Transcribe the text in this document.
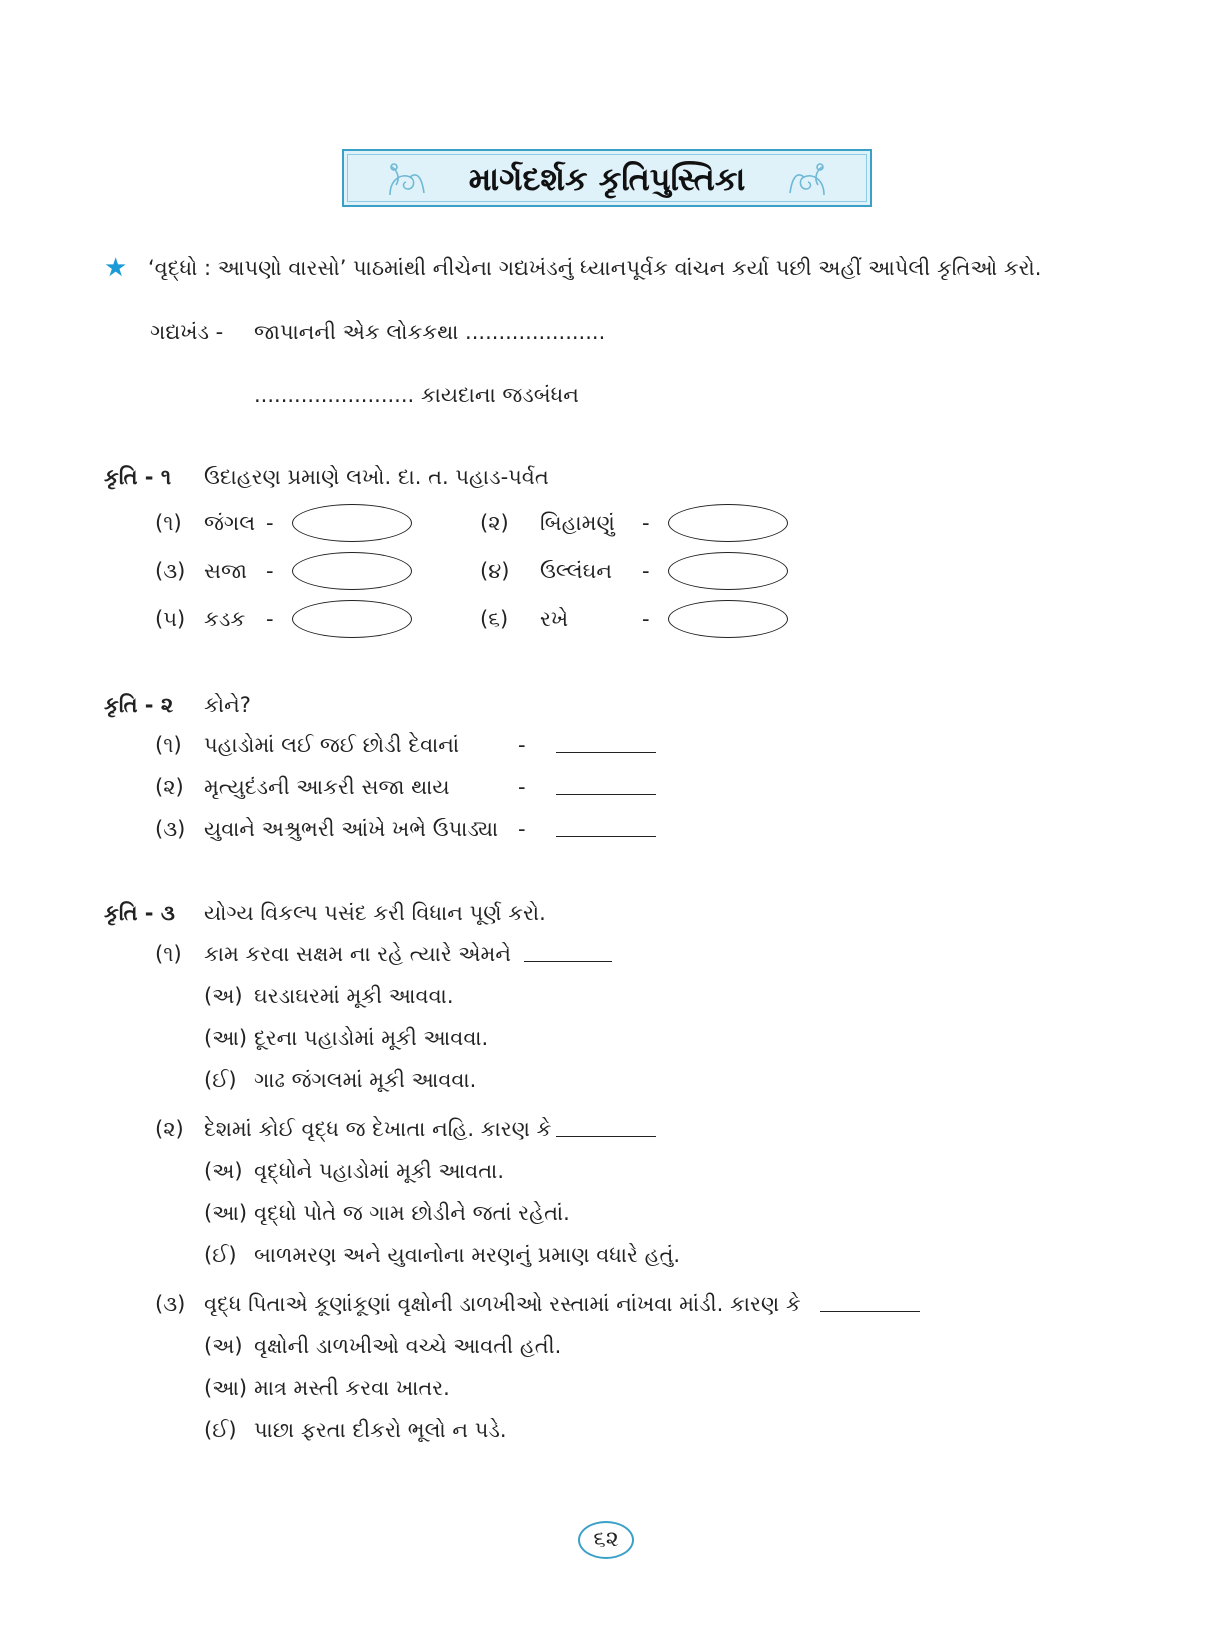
માર્ગદર્શક કૃતિપુસ્તિકા
★ ‘વૃદ્ધો : આપણો વારસો’ પાઠમાંથી નીચેના ગદ્યખંડનું ધ્યાનપૂર્વક વાંચન કર્યા પછી અહીં આપેલી કૃતિઓ કરો.
ગદ્યખંડ - જાપાનની એક લોકકથા .....................
........................ કાયદાના જડબંધન
કૃતિ - ૧ ઉદાહરણ પ્રમાણે લખો. દા. ત. પહાડ-પર્વત
(૧) જંગલ -	(૨) બિહામણું -
(૩) સજા -	(૪) ઉલ્લંઘન -
(૫) કડક -	(૬) રખે	-
કૃતિ - ૨ કોને?
(૧) પહાડોમાં લઈ જઈ છોડી દેવાનાં	-
(૨) મૃત્યુદંડની આકરી સજા થાય	-
(૩) યુવાને અશ્રુભરી આંખે ખભે ઉપાડ્યા -
કૃતિ - ૩ યોગ્ય વિકલ્પ પસંદ કરી વિધાન પૂર્ણ કરો.
(૧) કામ કરવા સક્ષમ ના રહે ત્યારે એમને
(અ) ઘરડાઘરમાં મૂકી આવવા.
(આ) દૂરના પહાડોમાં મૂકી આવવા.
(ઈ) ગાઢ જંગલમાં મૂકી આવવા.
(૨) દેશમાં કોઈ વૃદ્ધ જ દેખાતા નહિ. કારણ કે
(અ) વૃદ્ધોને પહાડોમાં મૂકી આવતા.
(આ) વૃદ્ધો પોતે જ ગામ છોડીને જતાં રહેતાં.
(ઈ) બાળમરણ અને યુવાનોના મરણનું પ્રમાણ વધારે હતું.
(૩) વૃદ્ધ પિતાએ કૂણાંકૂણાં વૃક્ષોની ડાળખીઓ રસ્તામાં નાંખવા માંડી. કારણ કે
(અ) વૃક્ષોની ડાળખીઓ વચ્ચે આવતી હતી.
(આ) માત્ર મસ્તી કરવા ખાતર.
(ઈ) પાછા ફરતા દીકરો ભૂલો ન પડે.
૬૨
